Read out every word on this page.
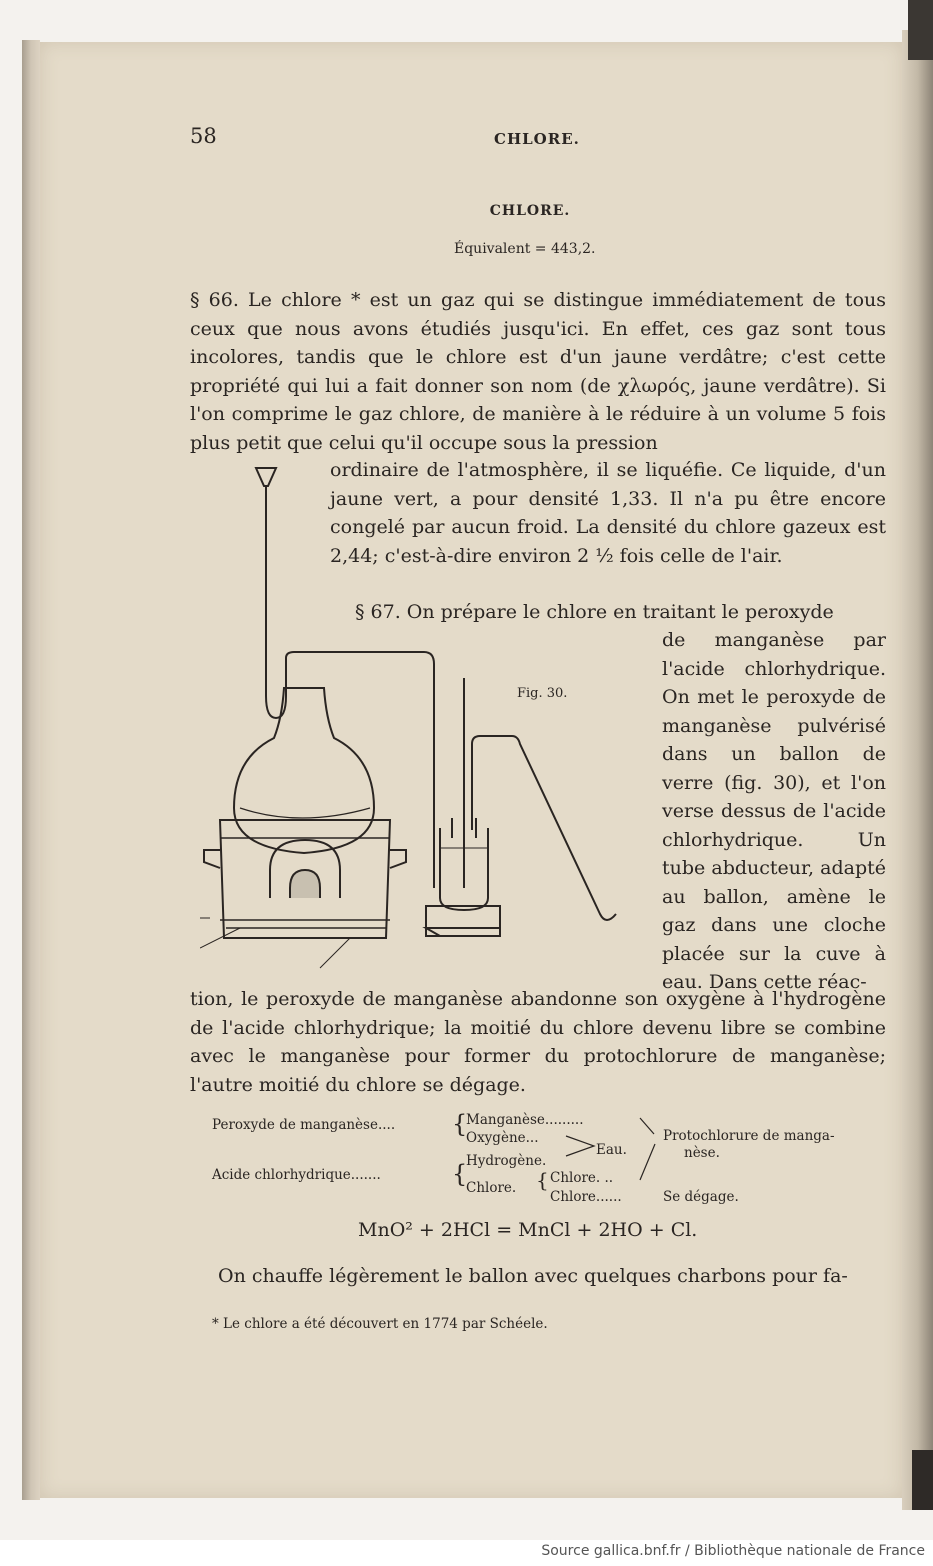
58	CHLORE.
CHLORE.
Équivalent = 443,2.
§ 66. Le chlore * est un gaz qui se distingue immédiatement de tous ceux que nous avons étudiés jusqu'ici. En effet, ces gaz sont tous incolores, tandis que le chlore est d'un jaune verdâtre; c'est cette propriété qui lui a fait donner son nom (de χλωρός, jaune verdâtre). Si l'on comprime le gaz chlore, de manière à le réduire à un volume 5 fois plus petit que celui qu'il occupe sous la pression
ordinaire de l'atmosphère, il se liquéfie. Ce liquide, d'un jaune vert, a pour densité 1,33. Il n'a pu être encore congelé par aucun froid. La densité du chlore gazeux est 2,44; c'est-à-dire environ 2 ½ fois celle de l'air.
§ 67. On prépare le chlore en traitant le peroxyde
de manganèse par l'acide chlorhydrique. On met le peroxyde de manganèse pulvérisé dans un ballon de verre (fig. 30), et l'on verse dessus de l'acide chlorhydrique. Un tube abducteur, adapté au ballon, amène le gaz dans une cloche placée sur la cuve à eau. Dans cette réac-
Fig. 30.
tion, le peroxyde de manganèse abandonne son oxygène à l'hydrogène de l'acide chlorhydrique; la moitié du chlore devenu libre se combine avec le manganèse pour former du protochlorure de manganèse; l'autre moitié du chlore se dégage.
Peroxyde de manganèse....
Acide chlorhydrique.......
{
{
Manganèse.........
Oxygène...
Hydrogène.
Chlore. { Chlore. ..
Chlore......
Eau.
Protochlorure de manga-
nèse.
Se dégage.
MnO² + 2HCl = MnCl + 2HO + Cl.
On chauffe légèrement le ballon avec quelques charbons pour fa-
* Le chlore a été découvert en 1774 par Schéele.
Source gallica.bnf.fr / Bibliothèque nationale de France
